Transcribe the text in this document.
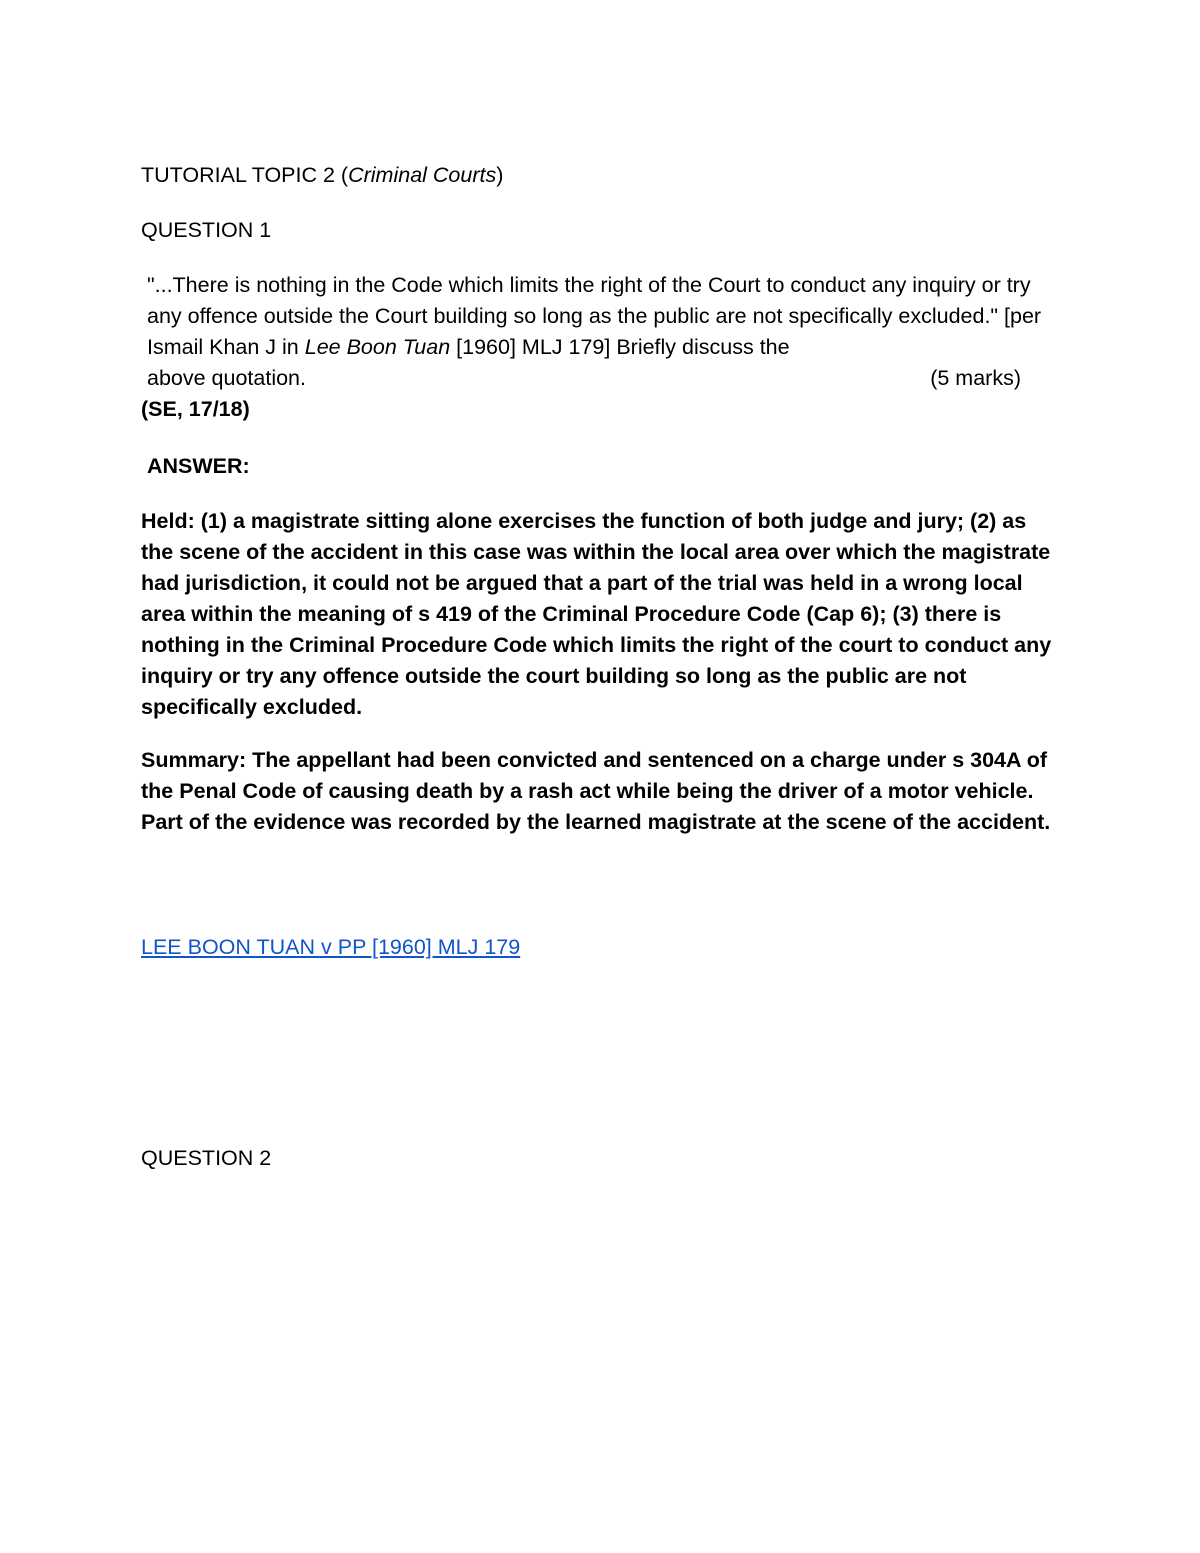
TUTORIAL TOPIC 2 (Criminal Courts)

QUESTION 1

"...There is nothing in the Code which limits the right of the Court to conduct any inquiry or try any offence outside the Court building so long as the public are not specifically excluded." [per Ismail Khan J in Lee Boon Tuan [1960] MLJ 179] Briefly discuss the
above quotation.	(5 marks)

(SE, 17/18)

ANSWER:

Held: (1) a magistrate sitting alone exercises the function of both judge and jury; (2) as the scene of the accident in this case was within the local area over which the magistrate had jurisdiction, it could not be argued that a part of the trial was held in a wrong local area within the meaning of s 419 of the Criminal Procedure Code (Cap 6); (3) there is nothing in the Criminal Procedure Code which limits the right of the court to conduct any inquiry or try any offence outside the court building so long as the public are not specifically excluded.

Summary: The appellant had been convicted and sentenced on a charge under s 304A of the Penal Code of causing death by a rash act while being the driver of a motor vehicle. Part of the evidence was recorded by the learned magistrate at the scene of the accident.

LEE BOON TUAN v PP [1960] MLJ 179

QUESTION 2
